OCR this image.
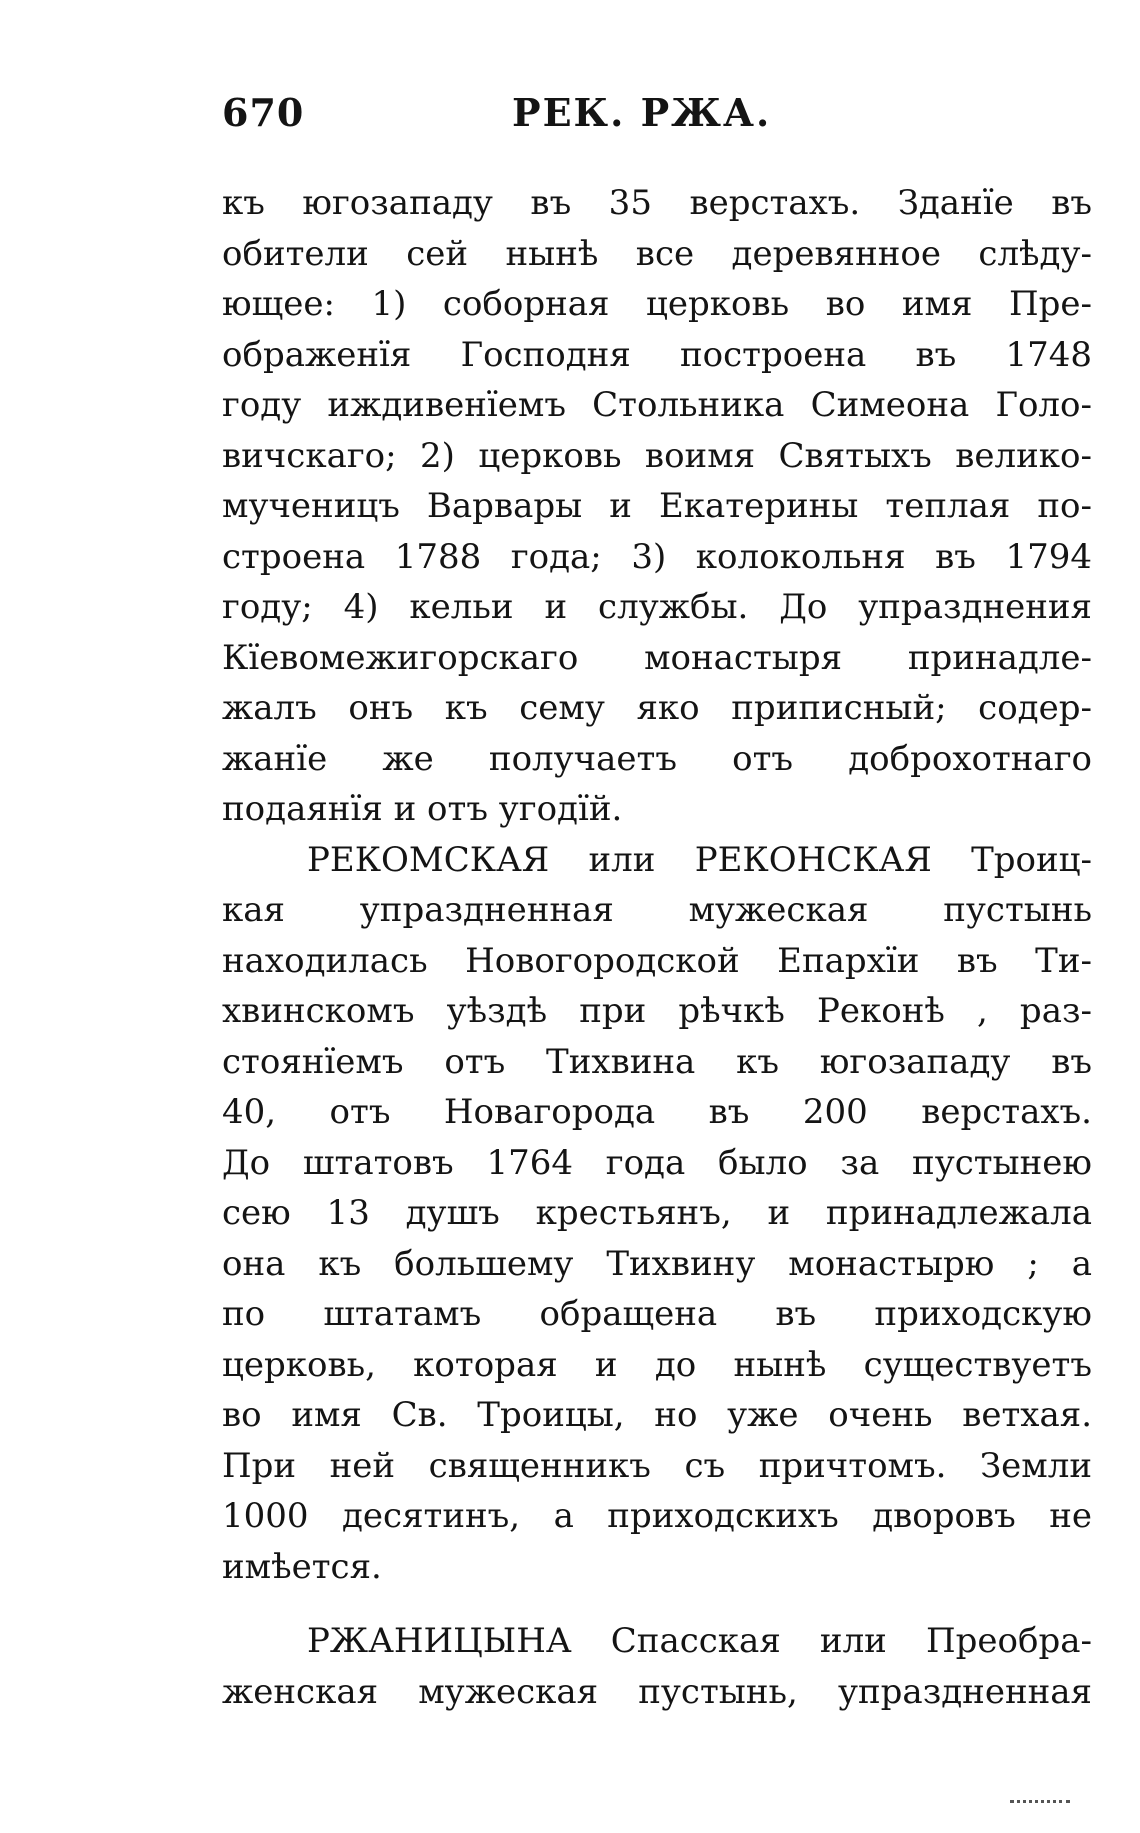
670	РЕК. РЖА.
къ югозападу въ 35 верстахъ. Зданїе въ
обители сей нынѣ все деревянное слѣду-
ющее: 1) соборная церковь во имя Пре-
ображенїя Господня построена въ 1748
году иждивенїемъ Стольника Симеона Голо-
вичскаго; 2) церковь воимя Святыхъ велико-
мученицъ Варвары и Екатерины теплая по-
строена 1788 года; 3) колокольня въ 1794
году; 4) кельи и службы. До упразднения
Кїевомежигорскаго монастыря принадле-
жалъ онъ къ сему яко приписный; содер-
жанїе же получаетъ отъ доброхотнаго
подаянїя и отъ угодїй.
РЕКОМСКАЯ или РЕКОНСКАЯ Троиц-
кая упраздненная мужеская пустынь
находилась Новогородской Епархїи въ Ти-
хвинскомъ уѣздѣ при рѣчкѣ Реконѣ , раз-
стоянїемъ отъ Тихвина къ югозападу въ
40, отъ Новагорода въ 200 верстахъ.
До штатовъ 1764 года было за пустынею
сею 13 душъ крестьянъ, и принадлежала
она къ большему Тихвину монастырю ; а
по штатамъ обращена въ приходскую
церковь, которая и до нынѣ существуетъ
во имя Св. Троицы, но уже очень ветхая.
При ней священникъ съ причтомъ. Земли
1000 десятинъ, а приходскихъ дворовъ не
имѣется.
РЖАНИЦЫНА Спасская или Преобра-
женская мужеская пустынь, упраздненная
